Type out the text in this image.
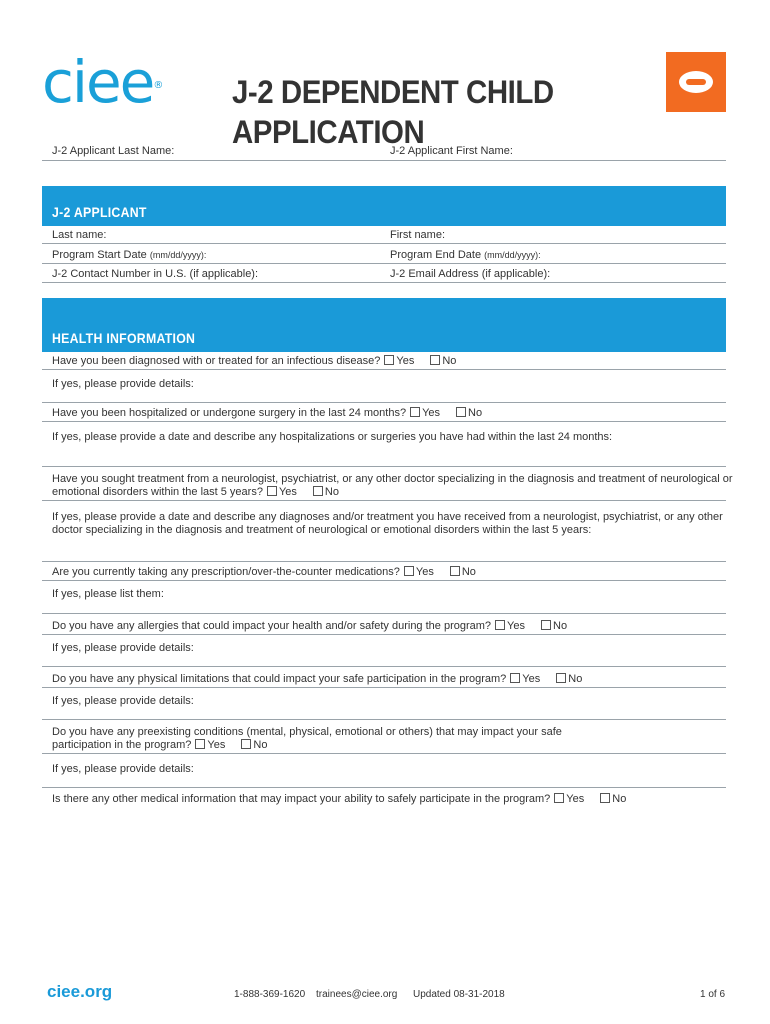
ciee® J-2 DEPENDENT CHILD APPLICATION
J-2 Applicant Last Name:	J-2 Applicant First Name:
J-2 APPLICANT
Last name:	First name:
Program Start Date (mm/dd/yyyy):	Program End Date (mm/dd/yyyy):
J-2 Contact Number in U.S. (if applicable):	J-2 Email Address (if applicable):
HEALTH INFORMATION
Have you been diagnosed with or treated for an infectious disease? Yes	No
If yes, please provide details:
Have you been hospitalized or undergone surgery in the last 24 months? Yes	No
If yes, please provide a date and describe any hospitalizations or surgeries you have had within the last 24 months:
Have you sought treatment from a neurologist, psychiatrist, or any other doctor specializing in the diagnosis and treatment of neurological or
emotional disorders within the last 5 years? Yes	No
If yes, please provide a date and describe any diagnoses and/or treatment you have received from a neurologist, psychiatrist, or any other
doctor specializing in the diagnosis and treatment of neurological or emotional disorders within the last 5 years:
Are you currently taking any prescription/over-the-counter medications? Yes	No
If yes, please list them:
Do you have any allergies that could impact your health and/or safety during the program? Yes	No
If yes, please provide details:
Do you have any physical limitations that could impact your safe participation in the program? Yes	No
If yes, please provide details:
Do you have any preexisting conditions (mental, physical, emotional or others) that may impact your safe
participation in the program? Yes	No
If yes, please provide details:
Is there any other medical information that may impact your ability to safely participate in the program? Yes	No
ciee.org	1-888-369-1620 trainees@ciee.org Updated 08-31-2018	1 of 6
